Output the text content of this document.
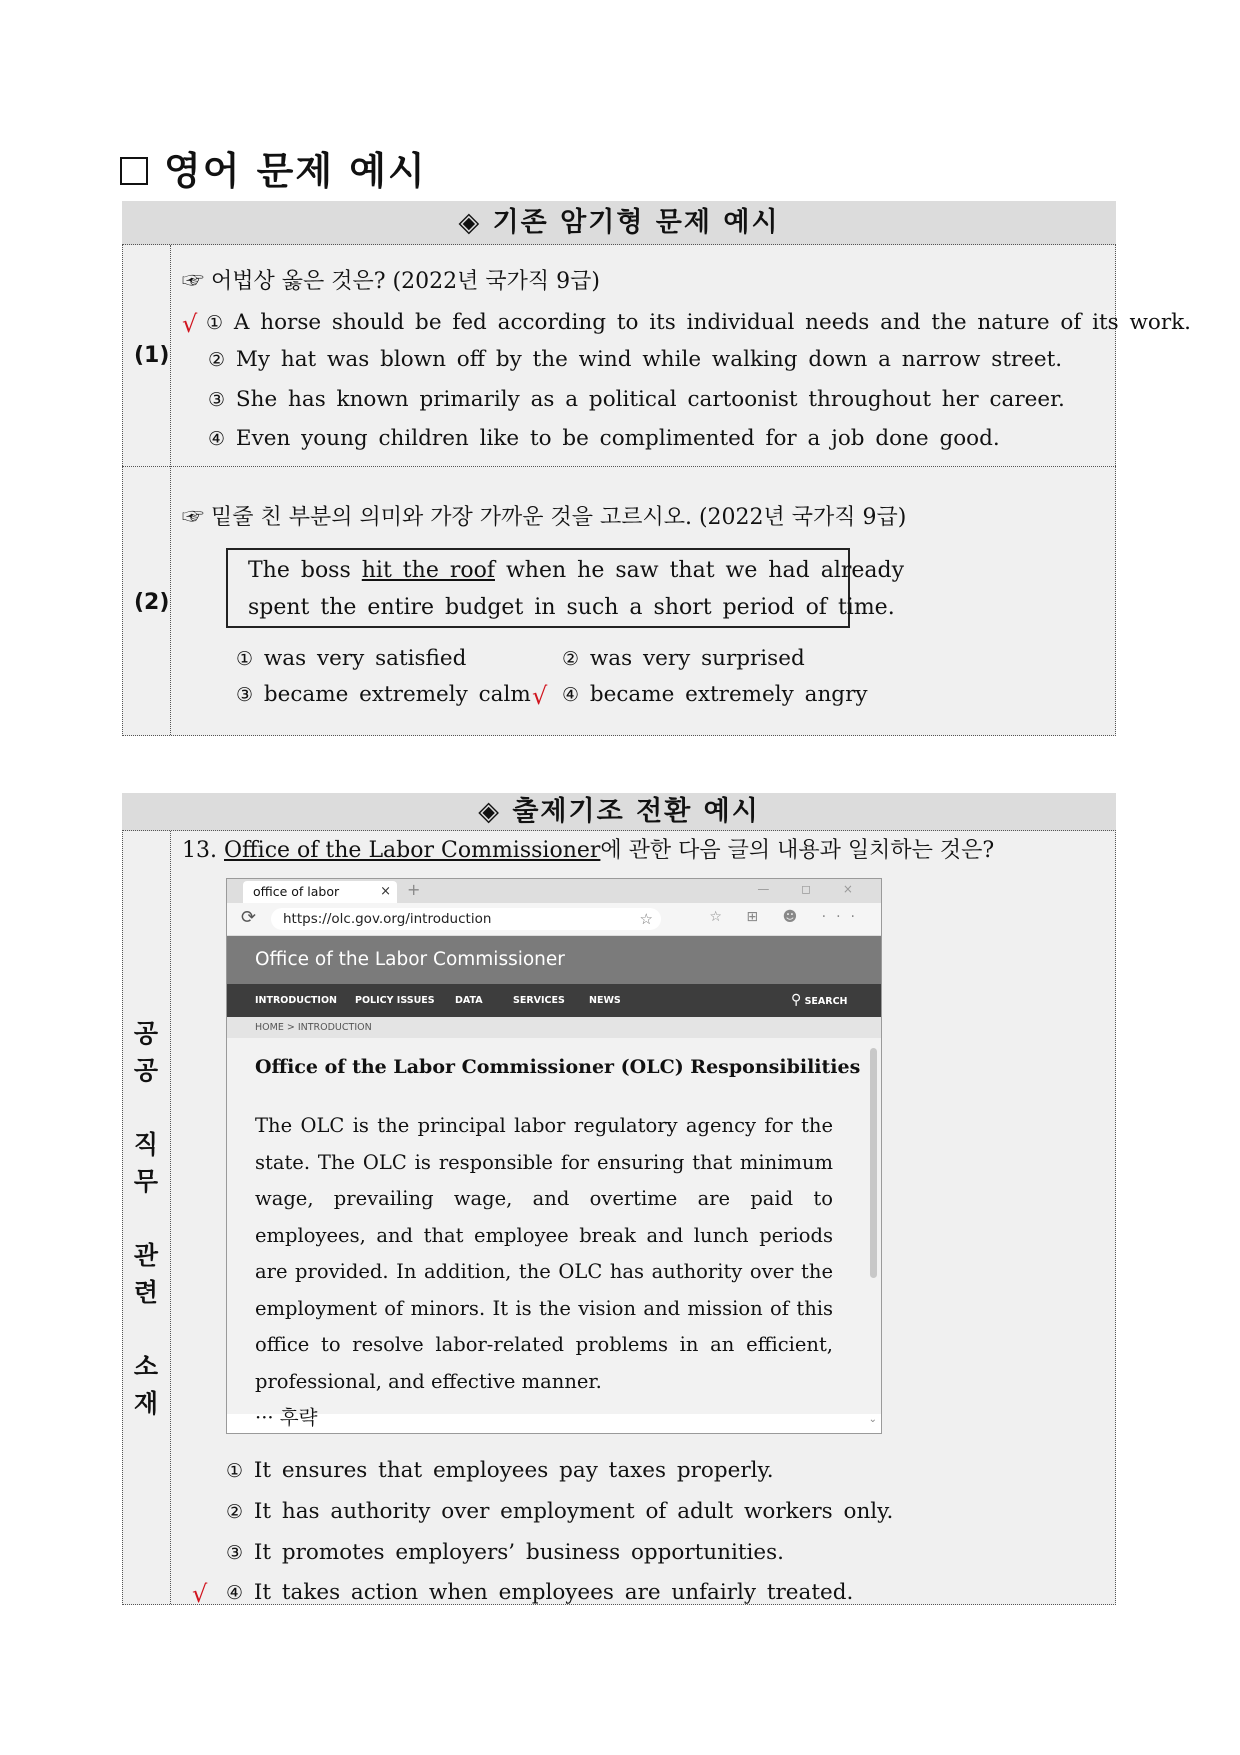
영어 문제 예시
◈ 기존 암기형 문제 예시
(1)
☞ 어법상 옳은 것은? (2022년 국가직 9급)
√ ① A horse should be fed according to its individual needs and the nature of its work.
② My hat was blown off by the wind while walking down a narrow street.
③ She has known primarily as a political cartoonist throughout her career.
④ Even young children like to be complimented for a job done good.
(2)
☞ 밑줄 친 부분의 의미와 가장 가까운 것을 고르시오. (2022년 국가직 9급)
The boss hit the roof when he saw that we had already
spent the entire budget in such a short period of time.
① was very satisfied	② was very surprised
③ became extremely calm √ ④ became extremely angry
◈ 출제기조 전환 예시
공
공
직
무
관
련
소
재
13. Office of the Labor Commissioner에 관한 다음 글의 내용과 일치하는 것은?
office of labor	× +	— ◻ ×
⟳	https://olc.gov.org/introduction	☆	☆ ⊞ ☻ ···
Office of the Labor Commissioner
INTRODUCTION POLICY ISSUES DATA	SERVICES	NEWS	⚲ SEARCH
HOME > INTRODUCTION
Office of the Labor Commissioner (OLC) Responsibilities
The OLC is the principal labor regulatory agency for the state. The OLC is responsible for ensuring that minimum wage, prevailing wage, and overtime are paid to employees, and that employee break and lunch periods are provided. In addition, the OLC has authority over the employment of minors. It is the vision and mission of this office to resolve labor-related problems in an efficient, professional, and effective manner.
··· 후략	⌄
① It ensures that employees pay taxes properly.
② It has authority over employment of adult workers only.
③ It promotes employers’ business opportunities.
√ ④ It takes action when employees are unfairly treated.
